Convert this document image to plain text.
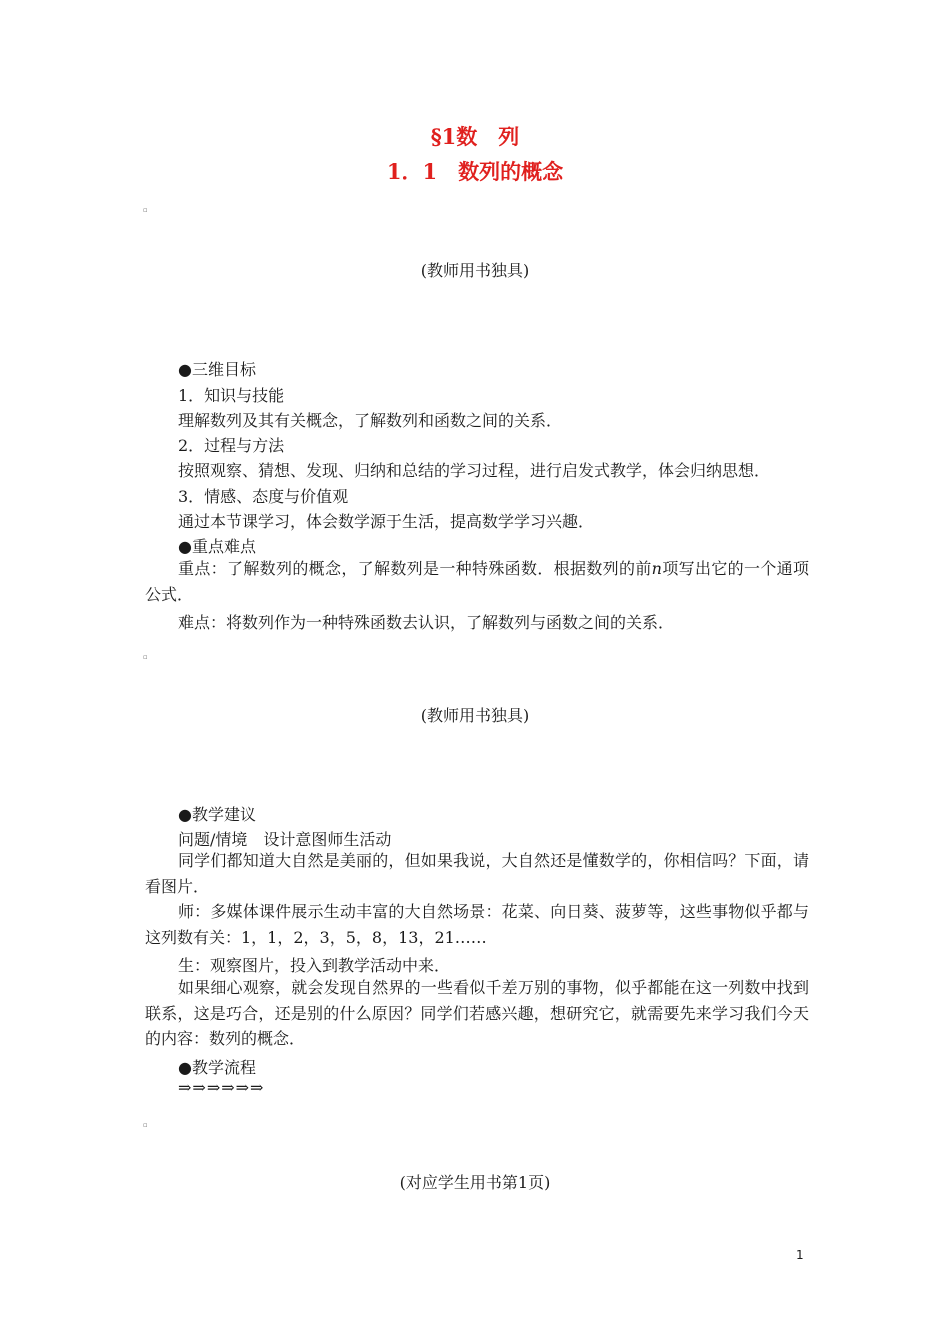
§1数　列
1．1　数列的概念
▫
(教师用书独具)
●三维目标
1．知识与技能
理解数列及其有关概念，了解数列和函数之间的关系．
2．过程与方法
按照观察、猜想、发现、归纳和总结的学习过程，进行启发式教学，体会归纳思想．
3．情感、态度与价值观
通过本节课学习，体会数学源于生活，提高数学学习兴趣．
●重点难点
重点：了解数列的概念，了解数列是一种特殊函数．根据数列的前n项写出它的一个通项公式．
难点：将数列作为一种特殊函数去认识，了解数列与函数之间的关系．
▫
(教师用书独具)
●教学建议
问题/情境　设计意图师生活动
同学们都知道大自然是美丽的，但如果我说，大自然还是懂数学的，你相信吗？下面，请看图片．
师：多媒体课件展示生动丰富的大自然场景：花菜、向日葵、菠萝等，这些事物似乎都与这列数有关：1，1，2，3，5，8，13，21……
生：观察图片，投入到教学活动中来．
如果细心观察，就会发现自然界的一些看似千差万别的事物，似乎都能在这一列数中找到联系，这是巧合，还是别的什么原因？同学们若感兴趣，想研究它，就需要先来学习我们今天的内容：数列的概念．
●教学流程
⇒⇒⇒⇒⇒⇒
▫
(对应学生用书第1页)
1
